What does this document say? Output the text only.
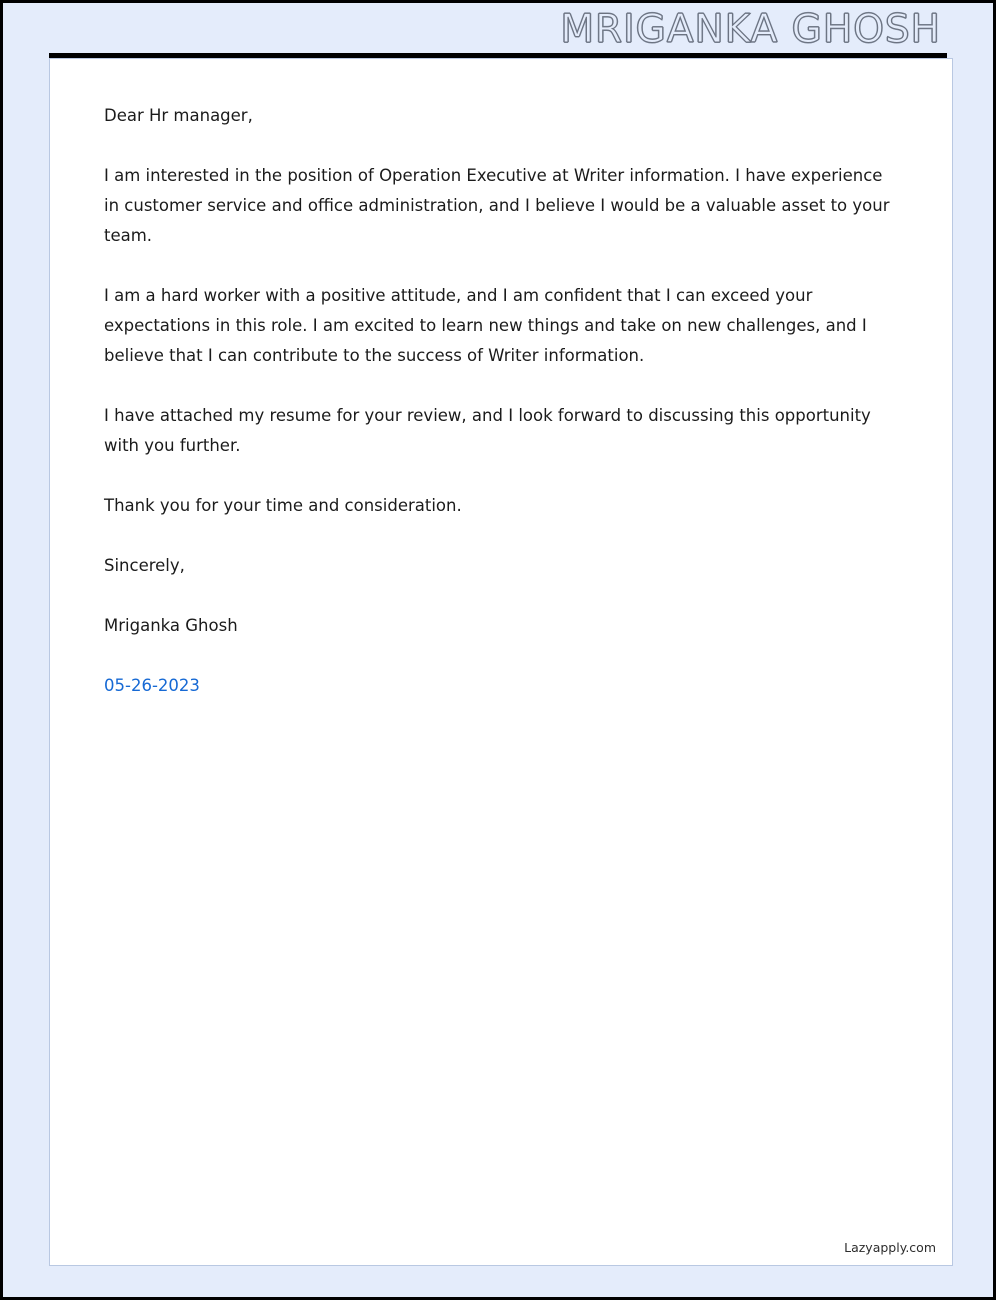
MRIGANKA GHOSH

Dear Hr manager,

I am interested in the position of Operation Executive at Writer information. I have experience in customer service and office administration, and I believe I would be a valuable asset to your team.

I am a hard worker with a positive attitude, and I am confident that I can exceed your expectations in this role. I am excited to learn new things and take on new challenges, and I believe that I can contribute to the success of Writer information.

I have attached my resume for your review, and I look forward to discussing this opportunity with you further.

Thank you for your time and consideration.

Sincerely,

Mriganka Ghosh

05-26-2023

Lazyapply.com
